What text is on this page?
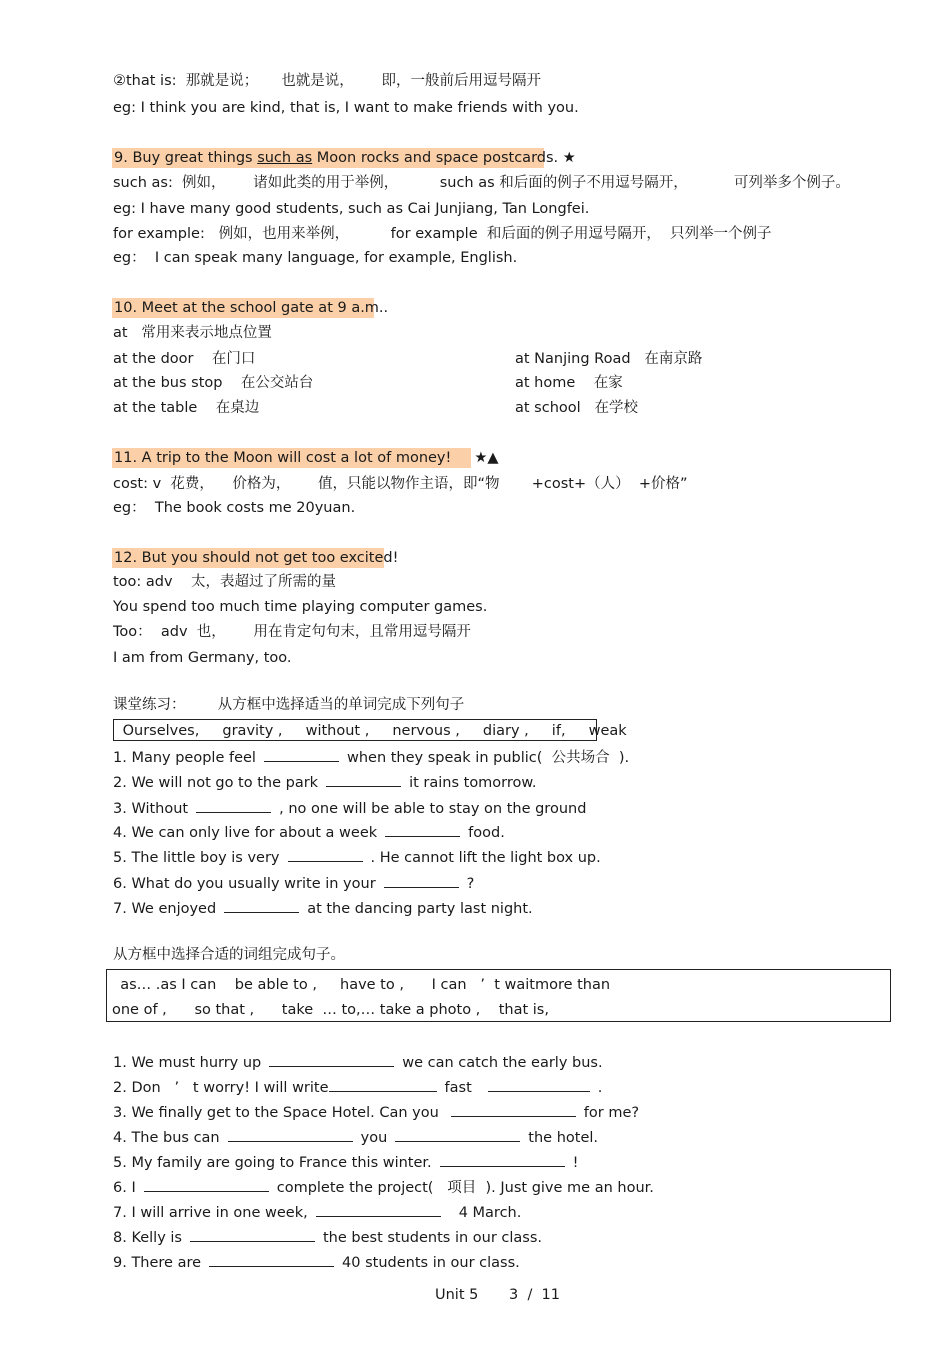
②that is:  那就是说；     也就是说，      即，一般前后用逗号隔开
eg: I think you are kind, that is, I want to make friends with you.
9. Buy great things such as Moon rocks and space postcards. ★
such as:  例如，      诸如此类的用于举例，         such as 和后面的例子不用逗号隔开，          可列举多个例子。
eg: I have many good students, such as Cai Junjiang, Tan Longfei.
for example:   例如，也用来举例，         for example  和后面的例子用逗号隔开，  只列举一个例子
eg：  I can speak many language, for example, English.
10. Meet at the school gate at 9 a.m..
at   常用来表示地点位置
at the door    在门口	at Nanjing Road   在南京路
at the bus stop    在公交站台	at home    在家
at the table    在桌边	at school   在学校
11. A trip to the Moon will cost a lot of money!     ★▲
cost: v  花费，    价格为，      值，只能以物作主语，即“物       +cost+（人）  +价格”
eg：  The book costs me 20yuan.
12. But you should not get too excited!
too: adv    太，表超过了所需的量
You spend too much time playing computer games.
Too：  adv  也，      用在肯定句句末，且常用逗号隔开
I am from Germany, too.
课堂练习：       从方框中选择适当的单词完成下列句子
Ourselves,     gravity ,     without ,     nervous ,     diary ,     if,     weak
1. Many people feel	when they speak in public(  公共场合  ).
2. We will not go to the park	it rains tomorrow.
3. Without	, no one will be able to stay on the ground
4. We can only live for about a week	food.
5. The little boy is very	. He cannot lift the light box up.
6. What do you usually write in your	?
7. We enjoyed	at the dancing party last night.
从方框中选择合适的词组完成句子。
as… .as I can    be able to ,     have to ,      I can   ’  t waitmore than
one of ,      so that ,      take  … to,… take a photo ,    that is,
1. We must hurry up	we can catch the early bus.
2. Don   ’   t worry! I will write	fast	.
3. We finally get to the Space Hotel. Can you	for me?
4. The bus can	you	the hotel.
5. My family are going to France this winter.	!
6. I	complete the project(   项目  ). Just give me an hour.
7. I will arrive in one week,	4 March.
8. Kelly is	the best students in our class.
9. There are	40 students in our class.
Unit 5 3  /  11
